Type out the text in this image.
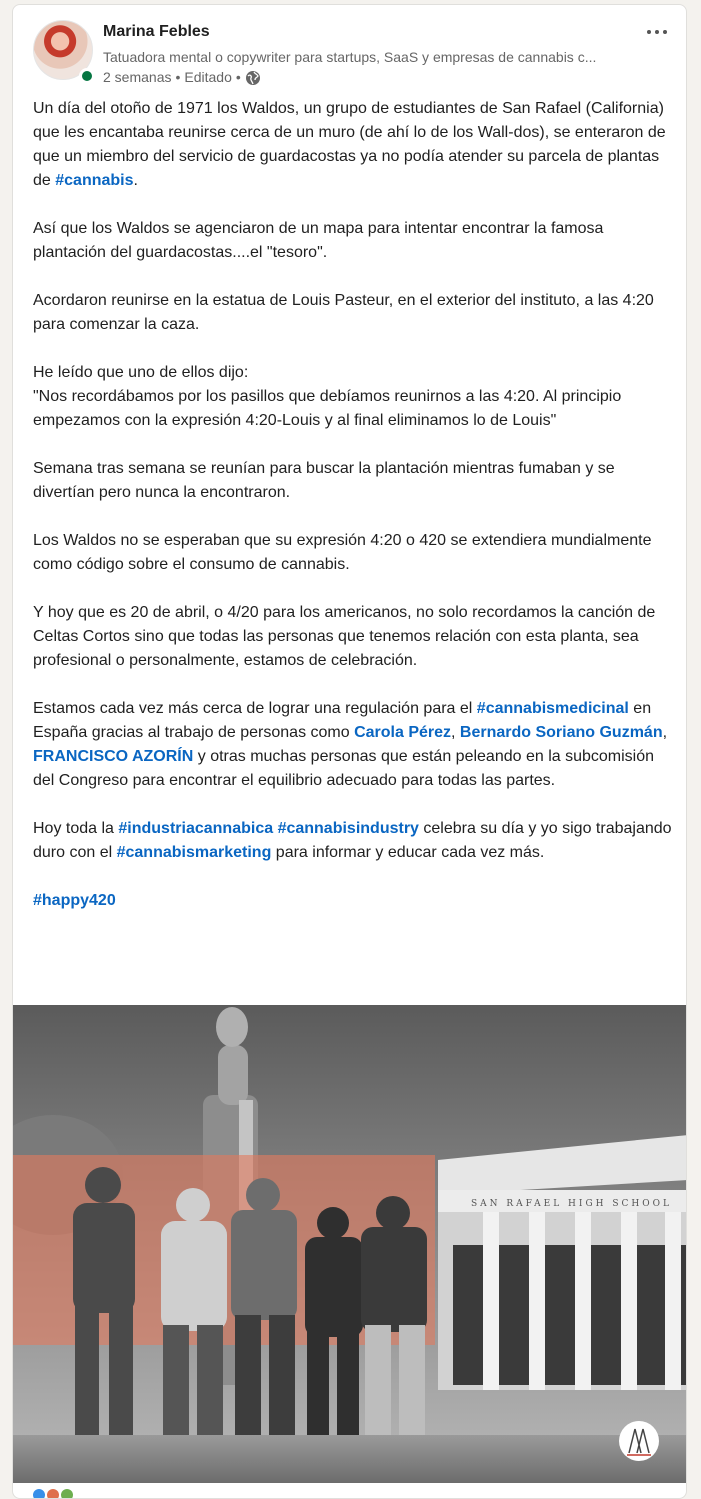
Marina Febles
Tatuadora mental o copywriter para startups, SaaS y empresas de cannabis c...
2 semanas • Editado •

Un día del otoño de 1971 los Waldos, un grupo de estudiantes de San Rafael (California) que les encantaba reunirse cerca de un muro (de ahí lo de los Wall-dos), se enteraron de que un miembro del servicio de guardacostas ya no podía atender su parcela de plantas de #cannabis.

Así que los Waldos se agenciaron de un mapa para intentar encontrar la famosa plantación del guardacostas....el "tesoro".

Acordaron reunirse en la estatua de Louis Pasteur, en el exterior del instituto, a las 4:20 para comenzar la caza.

He leído que uno de ellos dijo:
"Nos recordábamos por los pasillos que debíamos reunirnos a las 4:20. Al principio empezamos con la expresión 4:20-Louis y al final eliminamos lo de Louis"

Semana tras semana se reunían para buscar la plantación mientras fumaban y se divertían pero nunca la encontraron.

Los Waldos no se esperaban que su expresión 4:20 o 420 se extendiera mundialmente como código sobre el consumo de cannabis.

Y hoy que es 20 de abril, o 4/20 para los americanos, no solo recordamos la canción de Celtas Cortos sino que todas las personas que tenemos relación con esta planta, sea profesional o personalmente, estamos de celebración.

Estamos cada vez más cerca de lograr una regulación para el #cannabismedicinal en España gracias al trabajo de personas como Carola Pérez, Bernardo Soriano Guzmán, FRANCISCO AZORÍN y otras muchas personas que están peleando en la subcomisión del Congreso para encontrar el equilibrio adecuado para todas las partes.

Hoy toda la #industriacannabica #cannabisindustry celebra su día y yo sigo trabajando duro con el #cannabismarketing para informar y educar cada vez más.

#happy420

SAN RAFAEL HIGH SCHOOL
